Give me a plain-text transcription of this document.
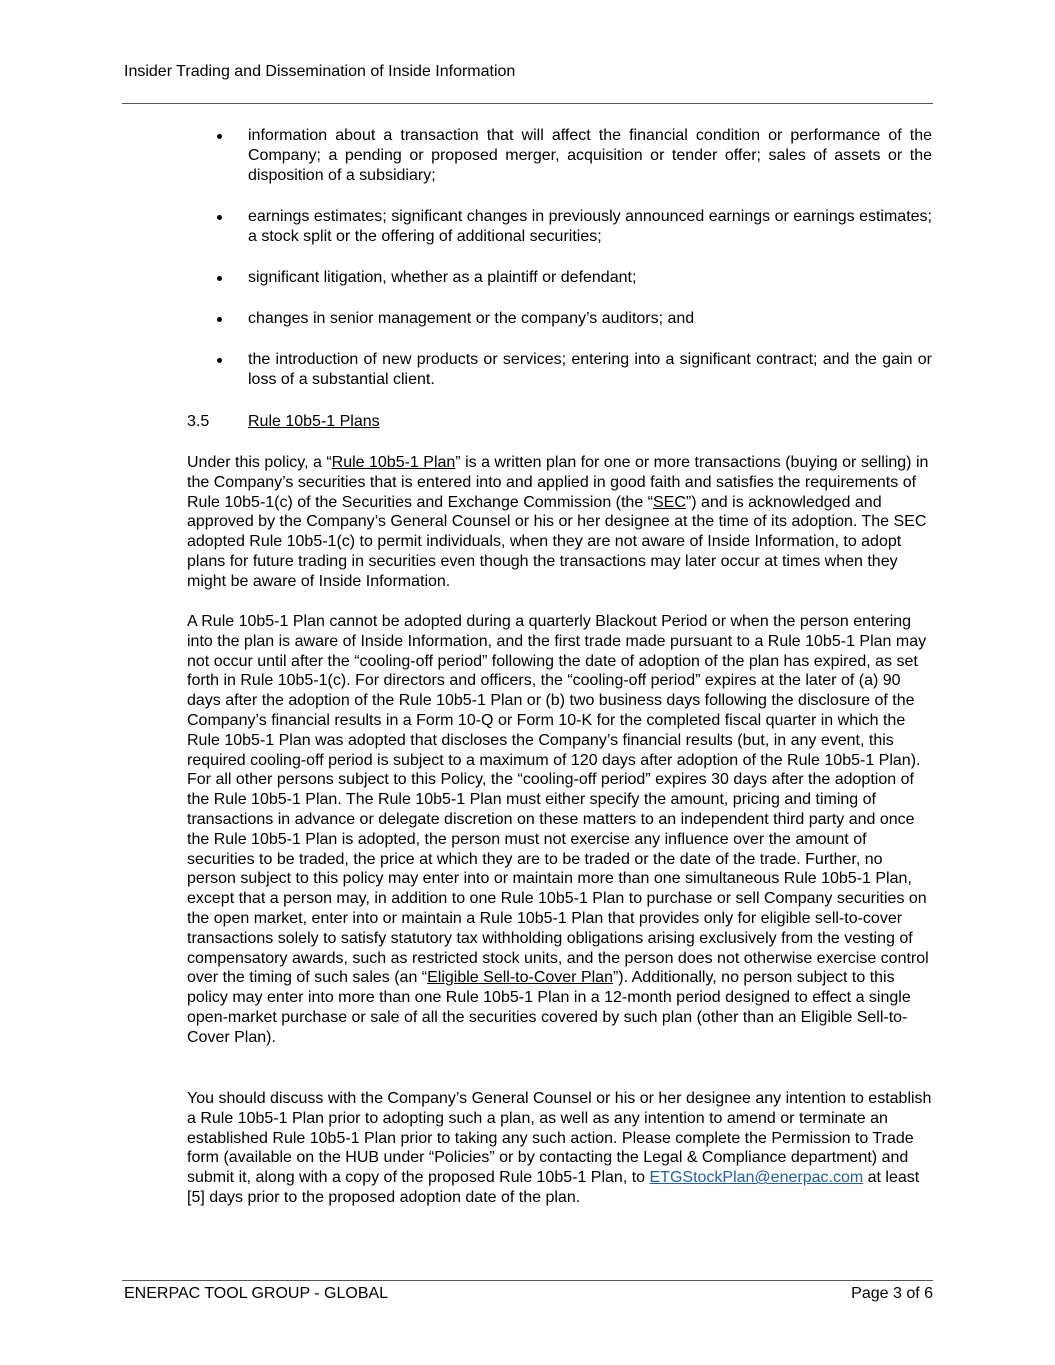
Insider Trading and Dissemination of Inside Information
information about a transaction that will affect the financial condition or performance of the Company; a pending or proposed merger, acquisition or tender offer; sales of assets or the disposition of a subsidiary;
earnings estimates; significant changes in previously announced earnings or earnings estimates; a stock split or the offering of additional securities;
significant litigation, whether as a plaintiff or defendant;
changes in senior management or the company’s auditors; and
the introduction of new products or services; entering into a significant contract; and the gain or loss of a substantial client.
3.5 Rule 10b5-1 Plans

Under this policy, a “Rule 10b5-1 Plan” is a written plan for one or more transactions (buying or selling) in the Company’s securities that is entered into and applied in good faith and satisfies the requirements of Rule 10b5-1(c) of the Securities and Exchange Commission (the “SEC”) and is acknowledged and approved by the Company’s General Counsel or his or her designee at the time of its adoption. The SEC adopted Rule 10b5-1(c) to permit individuals, when they are not aware of Inside Information, to adopt plans for future trading in securities even though the transactions may later occur at times when they might be aware of Inside Information.

A Rule 10b5-1 Plan cannot be adopted during a quarterly Blackout Period or when the person entering into the plan is aware of Inside Information, and the first trade made pursuant to a Rule 10b5-1 Plan may not occur until after the “cooling-off period” following the date of adoption of the plan has expired, as set forth in Rule 10b5-1(c). For directors and officers, the “cooling-off period” expires at the later of (a) 90 days after the adoption of the Rule 10b5-1 Plan or (b) two business days following the disclosure of the Company’s financial results in a Form 10-Q or Form 10-K for the completed fiscal quarter in which the Rule 10b5-1 Plan was adopted that discloses the Company’s financial results (but, in any event, this required cooling-off period is subject to a maximum of 120 days after adoption of the Rule 10b5-1 Plan). For all other persons subject to this Policy, the “cooling-off period” expires 30 days after the adoption of the Rule 10b5-1 Plan. The Rule 10b5-1 Plan must either specify the amount, pricing and timing of transactions in advance or delegate discretion on these matters to an independent third party and once the Rule 10b5-1 Plan is adopted, the person must not exercise any influence over the amount of securities to be traded, the price at which they are to be traded or the date of the trade. Further, no person subject to this policy may enter into or maintain more than one simultaneous Rule 10b5-1 Plan, except that a person may, in addition to one Rule 10b5-1 Plan to purchase or sell Company securities on the open market, enter into or maintain a Rule 10b5-1 Plan that provides only for eligible sell-to-cover transactions solely to satisfy statutory tax withholding obligations arising exclusively from the vesting of compensatory awards, such as restricted stock units, and the person does not otherwise exercise control over the timing of such sales (an “Eligible Sell-to-Cover Plan”). Additionally, no person subject to this policy may enter into more than one Rule 10b5-1 Plan in a 12-month period designed to effect a single open-market purchase or sale of all the securities covered by such plan (other than an Eligible Sell-to-Cover Plan).

You should discuss with the Company’s General Counsel or his or her designee any intention to establish a Rule 10b5-1 Plan prior to adopting such a plan, as well as any intention to amend or terminate an established Rule 10b5-1 Plan prior to taking any such action. Please complete the Permission to Trade form (available on the HUB under “Policies” or by contacting the Legal & Compliance department) and submit it, along with a copy of the proposed Rule 10b5-1 Plan, to ETGStockPlan@enerpac.com at least [5] days prior to the proposed adoption date of the plan.

ENERPAC TOOL GROUP - GLOBAL	Page 3 of 6
